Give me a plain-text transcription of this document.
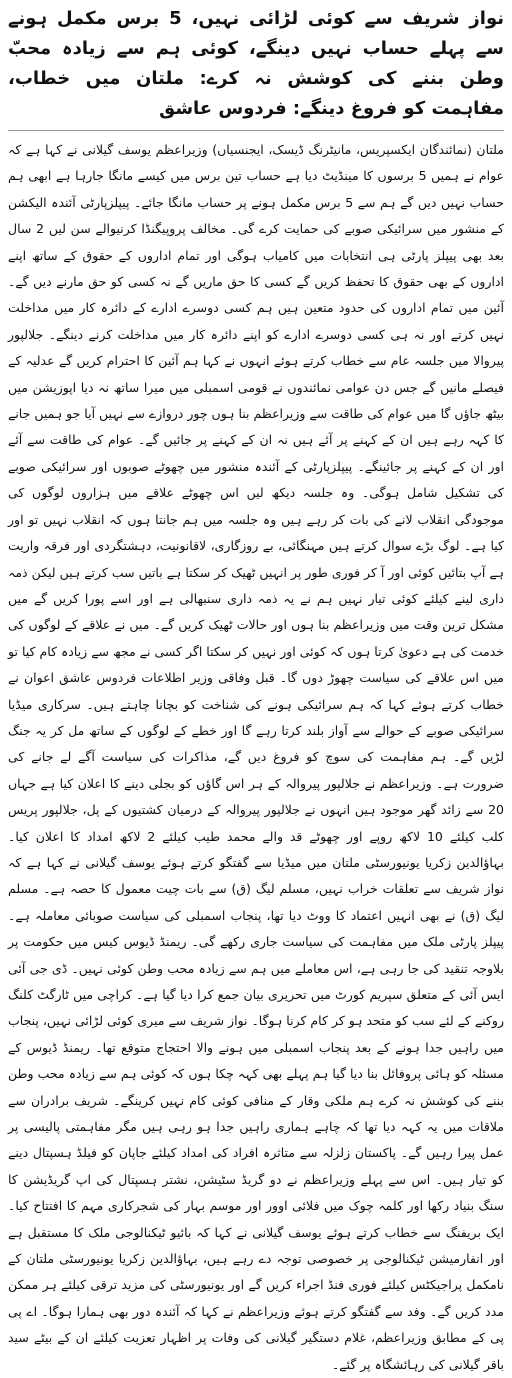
نواز شریف سے کوئی لڑائی نہیں، 5 برس مکمل ہونے سے پہلے حساب نہیں دینگے، کوئی ہم سے زیادہ محبّ وطن بننے کی کوشش نہ کرے: ملتان میں خطاب، مفاہمت کو فروغ دینگے: فردوس عاشق
ملتان (نمائندگان ایکسپریس، مانیٹرنگ ڈیسک، ایجنسیاں) وزیراعظم یوسف گیلانی نے کہا ہے کہ عوام نے ہمیں 5 برسوں کا مینڈیٹ دیا ہے حساب تین برس میں کیسے مانگا جارہا ہے ابھی ہم حساب نہیں دیں گے ہم سے 5 برس مکمل ہونے پر حساب مانگا جائے۔ پیپلزپارٹی آئندہ الیکشن کے منشور میں سرائیکی صوبے کی حمایت کرے گی۔ مخالف پروپیگنڈا کرنیوالے سن لیں 2 سال بعد بھی پیپلز پارٹی ہی انتخابات میں کامیاب ہوگی اور تمام اداروں کے حقوق کے ساتھ اپنے اداروں کے بھی حقوق کا تحفظ کریں گے کسی کا حق ماریں گے نہ کسی کو حق مارنے دیں گے۔ آئین میں تمام اداروں کی حدود متعین ہیں ہم کسی دوسرے ادارے کے دائرہ کار میں مداخلت نہیں کرتے اور نہ ہی کسی دوسرے ادارے کو اپنے دائرہ کار میں مداخلت کرنے دینگے۔ جلالپور پیروالا میں جلسہ عام سے خطاب کرتے ہوئے انہوں نے کہا ہم آئین کا احترام کریں گے عدلیہ کے فیصلے مانیں گے جس دن عوامی نمائندوں نے قومی اسمبلی میں میرا ساتھ نہ دیا اپوزیشن میں بیٹھ جاؤں گا میں عوام کی طاقت سے وزیراعظم بنا ہوں چور دروازے سے نہیں آیا جو ہمیں جانے کا کہہ رہے ہیں ان کے کہنے پر آئے ہیں نہ ان کے کہنے پر جائیں گے۔ عوام کی طاقت سے آئے اور ان کے کہنے پر جائینگے۔ پیپلزپارٹی کے آئندہ منشور میں چھوٹے صوبوں اور سرائیکی صوبے کی تشکیل شامل ہوگی۔ وہ جلسہ دیکھ لیں اس چھوٹے علاقے میں ہزاروں لوگوں کی موجودگی انقلاب لانے کی بات کر رہے ہیں وہ جلسہ میں ہم جانتا ہوں کہ انقلاب نہیں تو اور کیا ہے۔ لوگ بڑے سوال کرتے ہیں مہنگائی، بے روزگاری، لاقانونیت، دہشتگردی اور فرقہ واریت ہے آپ بتائیں کوئی اور آ کر فوری طور پر انہیں ٹھیک کر سکتا ہے باتیں سب کرتے ہیں لیکن ذمہ داری لینے کیلئے کوئی تیار نہیں ہم نے یہ ذمہ داری سنبھالی ہے اور اسے پورا کریں گے میں مشکل ترین وقت میں وزیراعظم بنا ہوں اور حالات ٹھیک کریں گے۔ میں نے علاقے کے لوگوں کی خدمت کی ہے دعویٰ کرتا ہوں کہ کوئی اور نہیں کر سکتا اگر کسی نے مجھ سے زیادہ کام کیا تو میں اس علاقے کی سیاست چھوڑ دوں گا۔ قبل وفاقی وزیر اطلاعات فردوس عاشق اعوان نے خطاب کرتے ہوئے کہا کہ ہم سرائیکی ہونے کی شناخت کو بچانا چاہتے ہیں۔ سرکاری میڈیا سرائیکی صوبے کے حوالے سے آواز بلند کرتا رہے گا اور خطے کے لوگوں کے ساتھ مل کر یہ جنگ لڑیں گے۔ ہم مفاہمت کی سوچ کو فروغ دیں گے، مذاکرات کی سیاست آگے لے جانے کی ضرورت ہے۔ وزیراعظم نے جلالپور پیروالہ کے ہر اس گاؤں کو بجلی دینے کا اعلان کیا ہے جہاں 20 سے زائد گھر موجود ہیں انہوں نے جلالپور پیروالہ کے درمیان کشتیوں کے پل، جلالپور پریس کلب کیلئے 10 لاکھ روپے اور چھوٹے قد والے محمد طیب کیلئے 2 لاکھ امداد کا اعلان کیا۔ بہاؤالدین زکریا یونیورسٹی ملتان میں میڈیا سے گفتگو کرتے ہوئے یوسف گیلانی نے کہا ہے کہ نواز شریف سے تعلقات خراب نہیں، مسلم لیگ (ق) سے بات چیت معمول کا حصہ ہے۔ مسلم لیگ (ق) نے بھی انہیں اعتماد کا ووٹ دیا تھا، پنجاب اسمبلی کی سیاست صوبائی معاملہ ہے۔ پیپلز پارٹی ملک میں مفاہمت کی سیاست جاری رکھے گی۔ ریمنڈ ڈیوس کیس میں حکومت پر بلاوجہ تنقید کی جا رہی ہے، اس معاملے میں ہم سے زیادہ محب وطن کوئی نہیں۔ ڈی جی آئی ایس آئی کے متعلق سپریم کورٹ میں تحریری بیان جمع کرا دیا گیا ہے۔ کراچی میں ٹارگٹ کلنگ روکنے کے لئے سب کو متحد ہو کر کام کرنا ہوگا۔ نواز شریف سے میری کوئی لڑائی نہیں، پنجاب میں راہیں جدا ہونے کے بعد پنجاب اسمبلی میں ہونے والا احتجاج متوقع تھا۔ ریمنڈ ڈیوس کے مسئلہ کو ہائی پروفائل بنا دیا گیا ہم پہلے بھی کہہ چکا ہوں کہ کوئی ہم سے زیادہ محب وطن بننے کی کوشش نہ کرے ہم ملکی وقار کے منافی کوئی کام نہیں کرینگے۔ شریف برادران سے ملاقات میں یہ کہہ دیا تھا کہ چاہے ہماری راہیں جدا ہو رہی ہیں مگر مفاہمتی پالیسی پر عمل پیرا رہیں گے۔ پاکستان زلزلہ سے متاثرہ افراد کی امداد کیلئے جاپان کو فیلڈ ہسپتال دینے کو تیار ہیں۔ اس سے پہلے وزیراعظم نے دو گریڈ سٹیشن، نشتر ہسپتال کی اپ گریڈیشن کا سنگ بنیاد رکھا اور کلمہ چوک میں فلائی اوور اور موسم بہار کی شجرکاری مہم کا افتتاح کیا۔ ایک بریفنگ سے خطاب کرتے ہوئے یوسف گیلانی نے کہا کہ بائیو ٹیکنالوجی ملک کا مستقبل ہے اور انفارمیشن ٹیکنالوجی پر خصوصی توجہ دے رہے ہیں، بہاؤالدین زکریا یونیورسٹی ملتان کے نامکمل پراجیکٹس کیلئے فوری فنڈ اجراء کریں گے اور یونیورسٹی کی مزید ترقی کیلئے ہر ممکن مدد کریں گے۔ وفد سے گفتگو کرتے ہوئے وزیراعظم نے کہا کہ آئندہ دور بھی ہمارا ہوگا۔ اے پی پی کے مطابق وزیراعظم، غلام دستگیر گیلانی کی وفات پر اظہار تعزیت کیلئے ان کے بیٹے سید باقر گیلانی کی رہائشگاہ پر گئے۔
